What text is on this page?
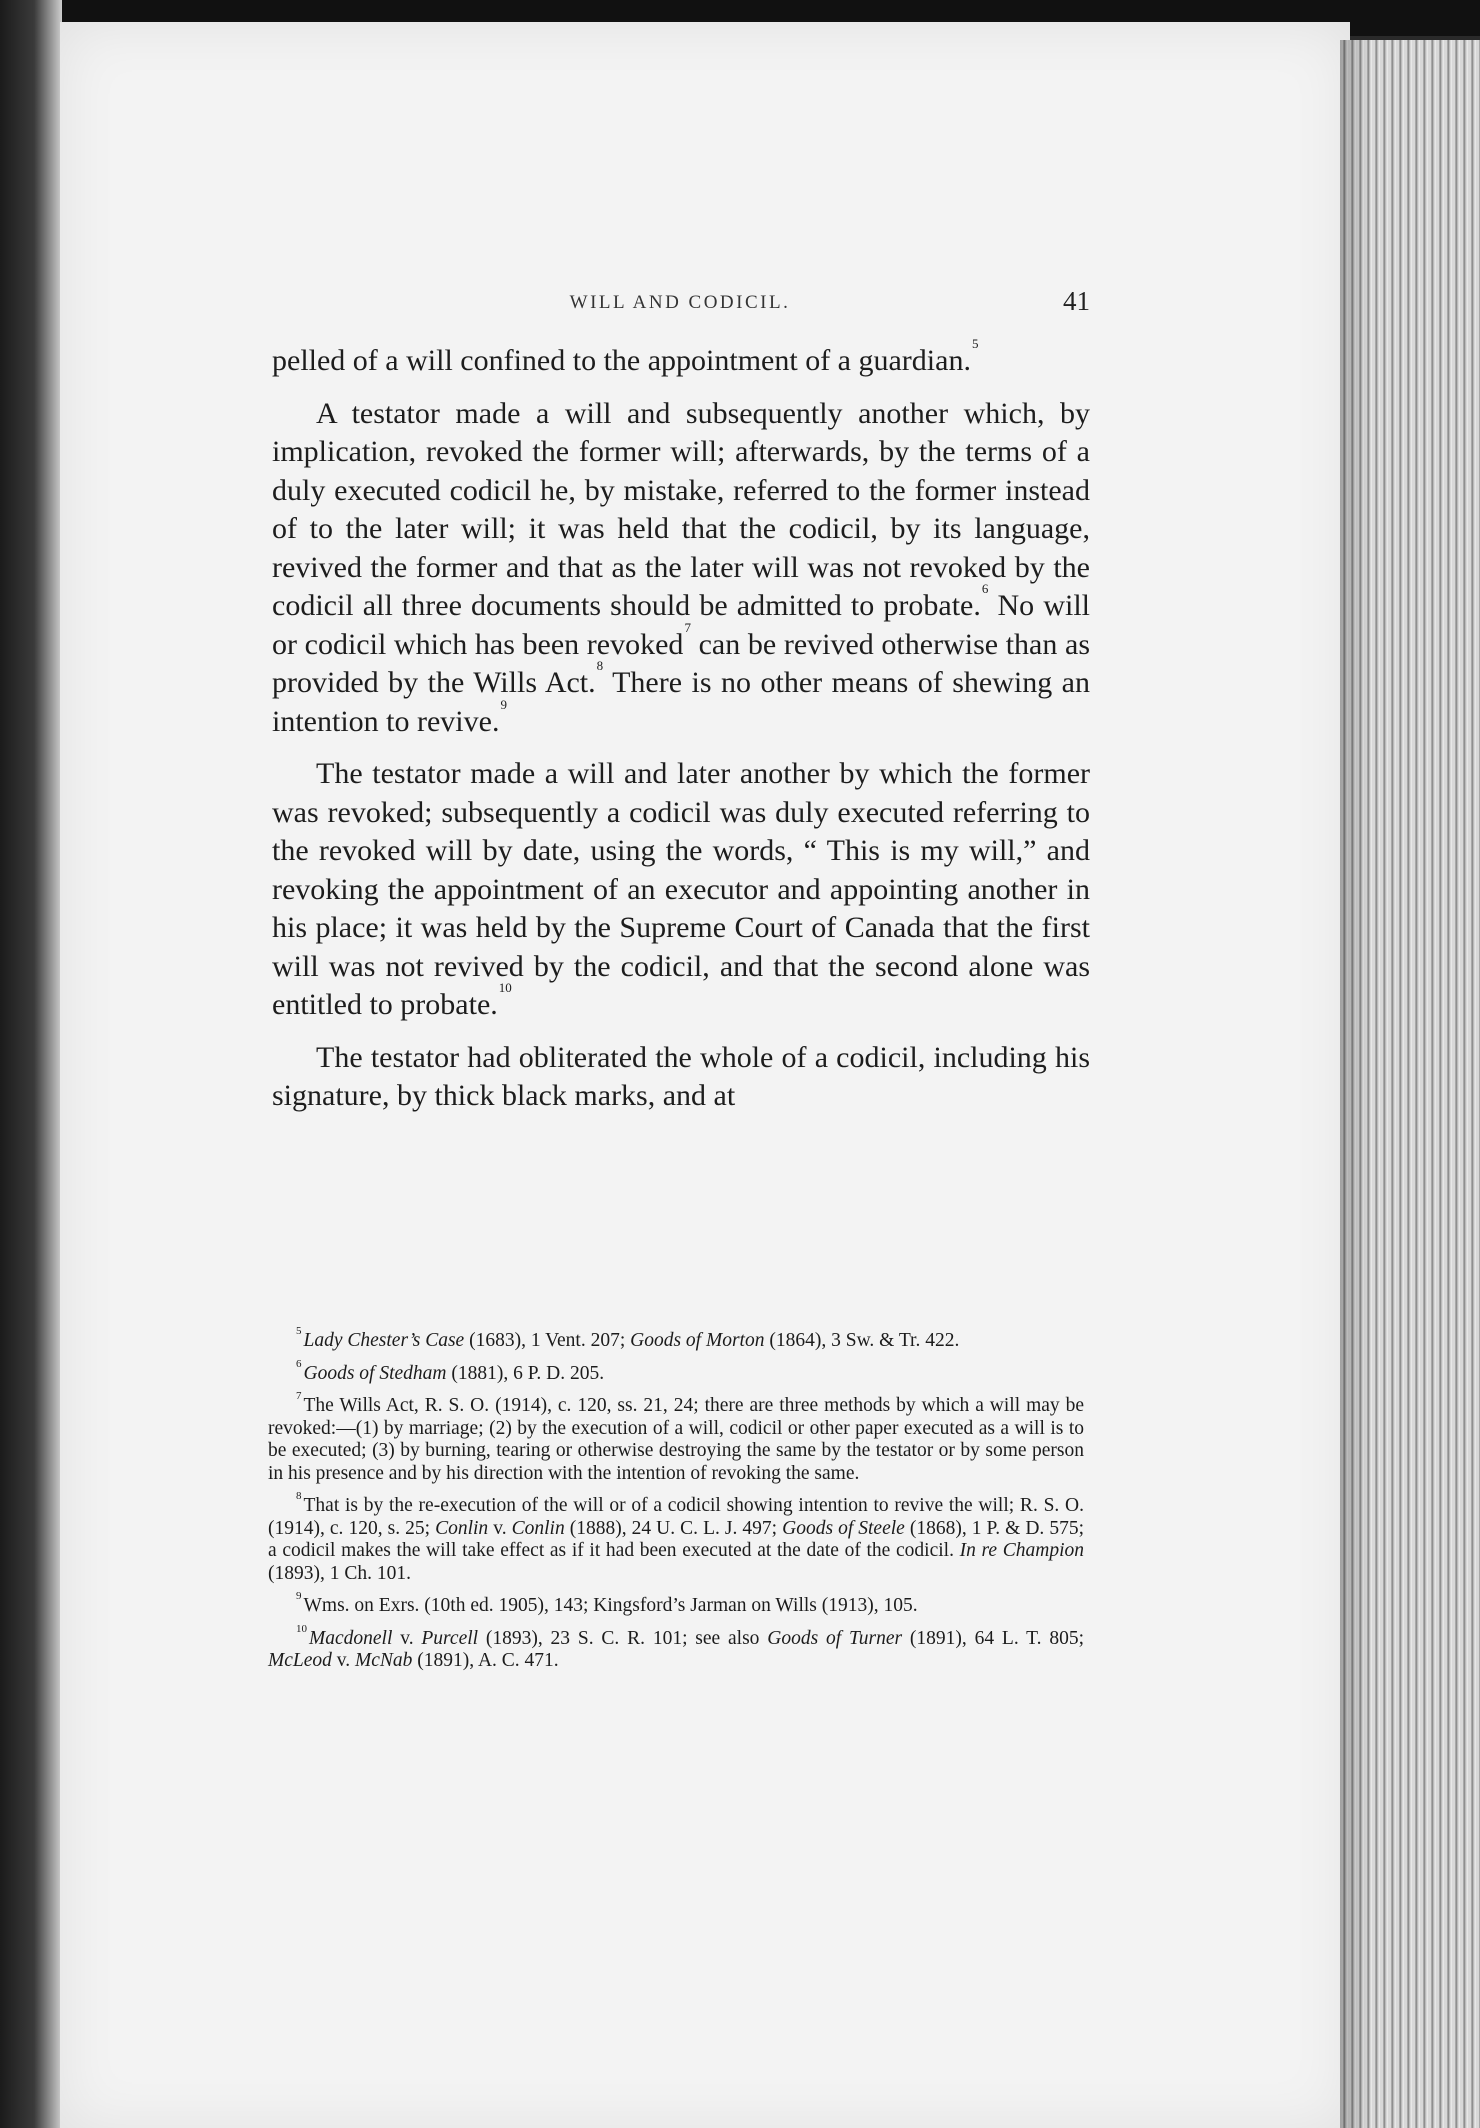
WILL AND CODICIL.	41

pelled of a will confined to the appointment of a guardian.$^5$

A testator made a will and subsequently another which, by implication, revoked the former will; afterwards, by the terms of a duly executed codicil he, by mistake, referred to the former instead of to the later will; it was held that the codicil, by its language, revived the former and that as the later will was not revoked by the codicil all three documents should be admitted to probate.$^6$ No will or codicil which has been revoked$^7$ can be revived otherwise than as provided by the Wills Act.$^8$ There is no other means of shewing an intention to revive.$^9$

The testator made a will and later another by which the former was revoked; subsequently a codicil was duly executed referring to the revoked will by date, using the words, “ This is my will,” and revoking the appointment of an executor and appointing another in his place; it was held by the Supreme Court of Canada that the first will was not revived by the codicil, and that the second alone was entitled to probate.$^{10}$

The testator had obliterated the whole of a codicil, including his signature, by thick black marks, and at

$^5$ Lady Chester’s Case (1683), 1 Vent. 207; Goods of Morton (1864), 3 Sw. & Tr. 422.

$^6$ Goods of Stedham (1881), 6 P. D. 205.

$^7$ The Wills Act, R. S. O. (1914), c. 120, ss. 21, 24; there are three methods by which a will may be revoked:—(1) by marriage; (2) by the execution of a will, codicil or other paper executed as a will is to be executed; (3) by burning, tearing or otherwise destroying the same by the testator or by some person in his presence and by his direction with the intention of revoking the same.

$^8$ That is by the re-execution of the will or of a codicil showing intention to revive the will; R. S. O. (1914), c. 120, s. 25; Conlin v. Conlin (1888), 24 U. C. L. J. 497; Goods of Steele (1868), 1 P. & D. 575; a codicil makes the will take effect as if it had been executed at the date of the codicil. In re Champion (1893), 1 Ch. 101.

$^9$ Wms. on Exrs. (10th ed. 1905), 143; Kingsford’s Jarman on Wills (1913), 105.

$^{10}$ Macdonell v. Purcell (1893), 23 S. C. R. 101; see also Goods of Turner (1891), 64 L. T. 805; McLeod v. McNab (1891), A. C. 471.
